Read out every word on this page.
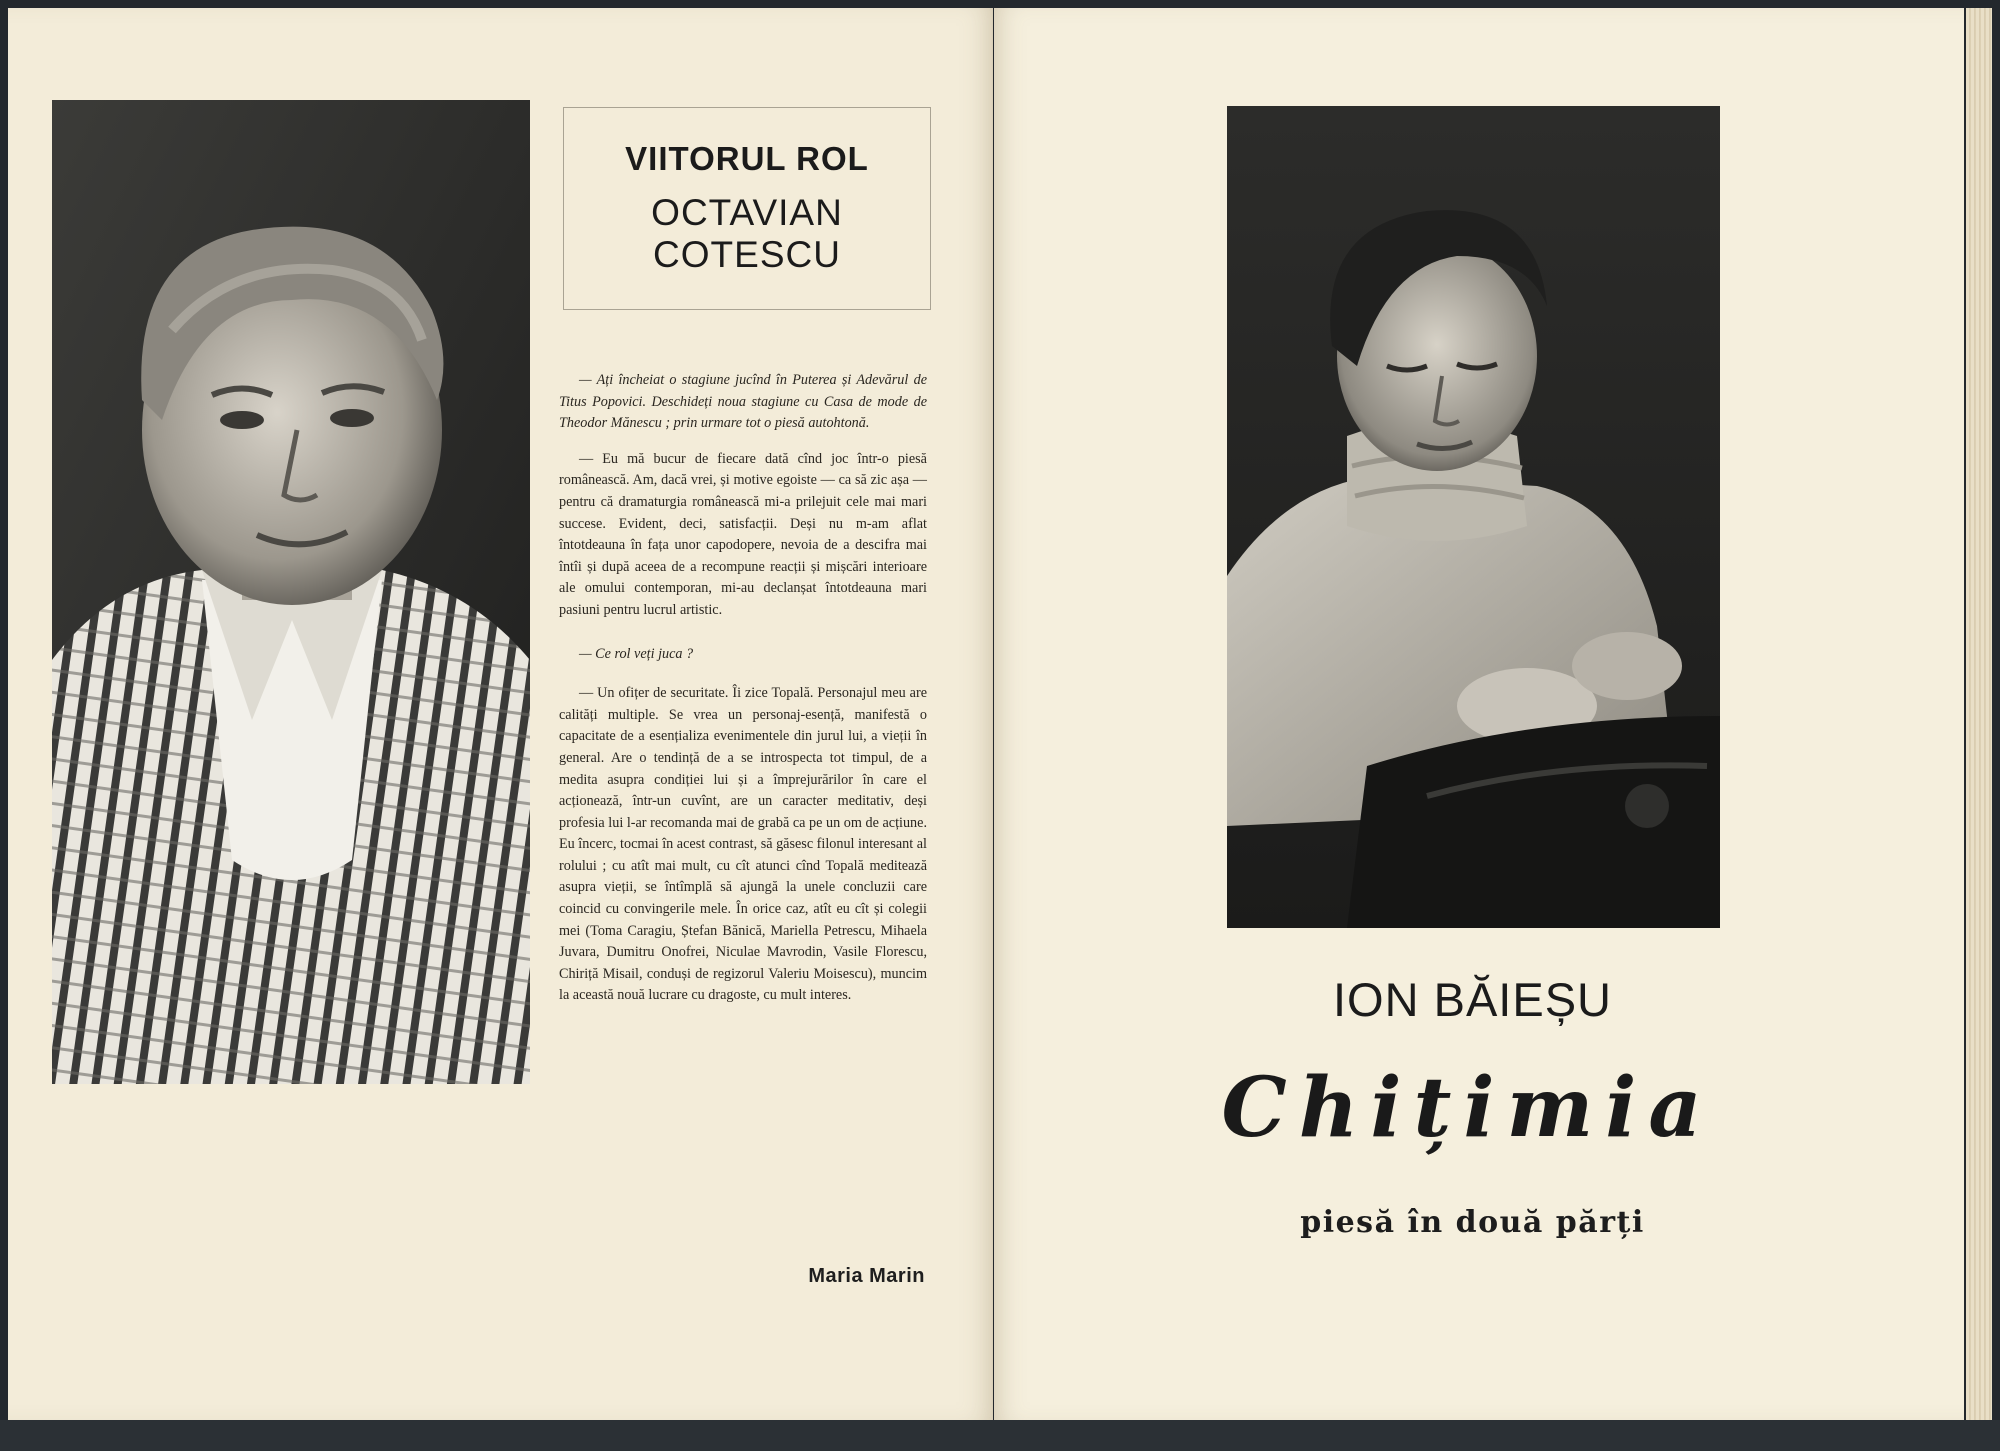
VIITORUL ROL
OCTAVIAN
COTESCU

— Ați încheiat o stagiune jucînd în Puterea și Adevărul de Titus Popovici. Deschideți noua stagiune cu Casa de mode de Theodor Mănescu ; prin urmare tot o piesă autohtonă.

— Eu mă bucur de fiecare dată cînd joc într-o piesă românească. Am, dacă vrei, și motive egoiste — ca să zic așa — pentru că dramaturgia românească mi-a prilejuit cele mai mari succese. Evident, deci, satisfacții. Deși nu m-am aflat întotdeauna în fața unor capodopere, nevoia de a descifra mai întîi și după aceea de a recompune reacții și mișcări interioare ale omului contemporan, mi-au declanșat întotdeauna mari pasiuni pentru lucrul artistic.

— Ce rol veți juca ?

— Un ofițer de securitate. Îi zice Topală. Personajul meu are calități multiple. Se vrea un personaj-esență, manifestă o capacitate de a esențializa evenimentele din jurul lui, a vieții în general. Are o tendință de a se introspecta tot timpul, de a medita asupra condiției lui și a împrejurărilor în care el acționează, într-un cuvînt, are un caracter meditativ, deși profesia lui l-ar recomanda mai de grabă ca pe un om de acțiune. Eu încerc, tocmai în acest contrast, să găsesc filonul interesant al rolului ; cu atît mai mult, cu cît atunci cînd Topală meditează asupra vieții, se întîmplă să ajungă la unele concluzii care coincid cu convingerile mele. În orice caz, atît eu cît și colegii mei (Toma Caragiu, Ștefan Bănică, Mariella Petrescu, Mihaela Juvara, Dumitru Onofrei, Niculae Mavrodin, Vasile Florescu, Chiriță Misail, conduși de regizorul Valeriu Moisescu), muncim la această nouă lucrare cu dragoste, cu mult interes.

Maria Marin
ION BĂIEȘU
Chițimia
piesă în două părți
